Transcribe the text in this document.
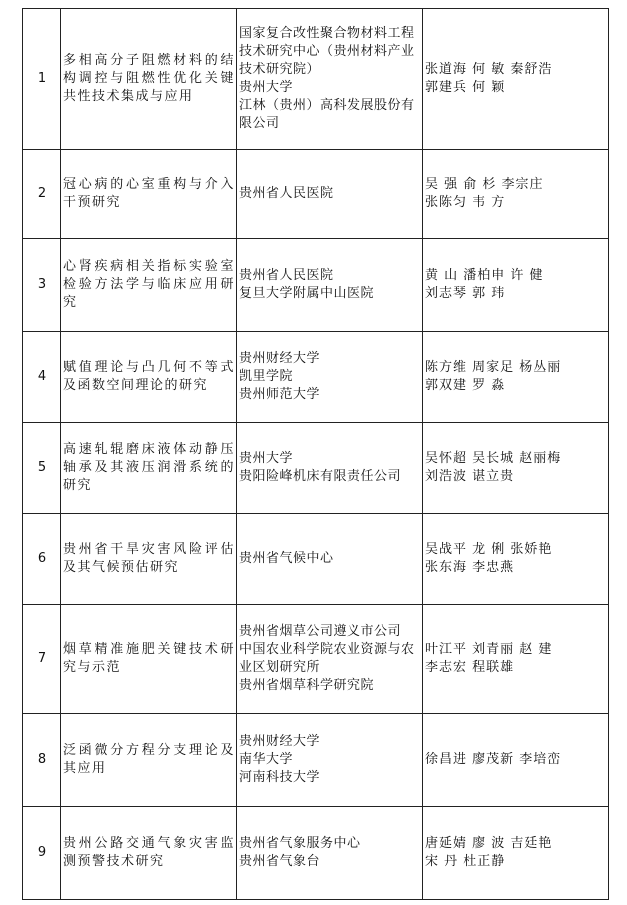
1	多相高分子阻燃材料的结构调控与阻燃性优化关键共性技术集成与应用	国家复合改性聚合物材料工程技术研究中心（贵州材料产业技术研究院）

贵州大学
江林（贵州）高科发展股份有限公司	张道海 何 敏 秦舒浩
郭建兵 何 颖

2	冠心病的心室重构与介入干预研究	贵州省人民医院	吴 强 俞 杉 李宗庄
张陈匀 韦 方

3	心肾疾病相关指标实验室检验方法学与临床应用研究	贵州省人民医院
复旦大学附属中山医院	黄 山 潘柏申 许 健
刘志琴 郭 玮

4	赋值理论与凸几何不等式及函数空间理论的研究	贵州财经大学
凯里学院
贵州师范大学	陈方维 周家足 杨丛丽
郭双建 罗 淼

5	高速轧辊磨床液体动静压轴承及其液压润滑系统的研究	贵州大学
贵阳险峰机床有限责任公司	吴怀超 吴长城 赵丽梅
刘浩波 谌立贵

6	贵州省干旱灾害风险评估及其气候预估研究	贵州省气候中心	吴战平 龙 俐 张娇艳
张东海 李忠燕

7	烟草精准施肥关键技术研究与示范	贵州省烟草公司遵义市公司
中国农业科学院农业资源与农业区划研究所

贵州省烟草科学研究院	叶江平 刘青丽 赵 建
李志宏 程联雄

8	泛函微分方程分支理论及其应用	贵州财经大学
南华大学
河南科技大学	徐昌进 廖茂新 李培峦

9	贵州公路交通气象灾害监测预警技术研究	贵州省气象服务中心
贵州省气象台	唐延婧 廖 波 吉廷艳
宋 丹 杜正静
